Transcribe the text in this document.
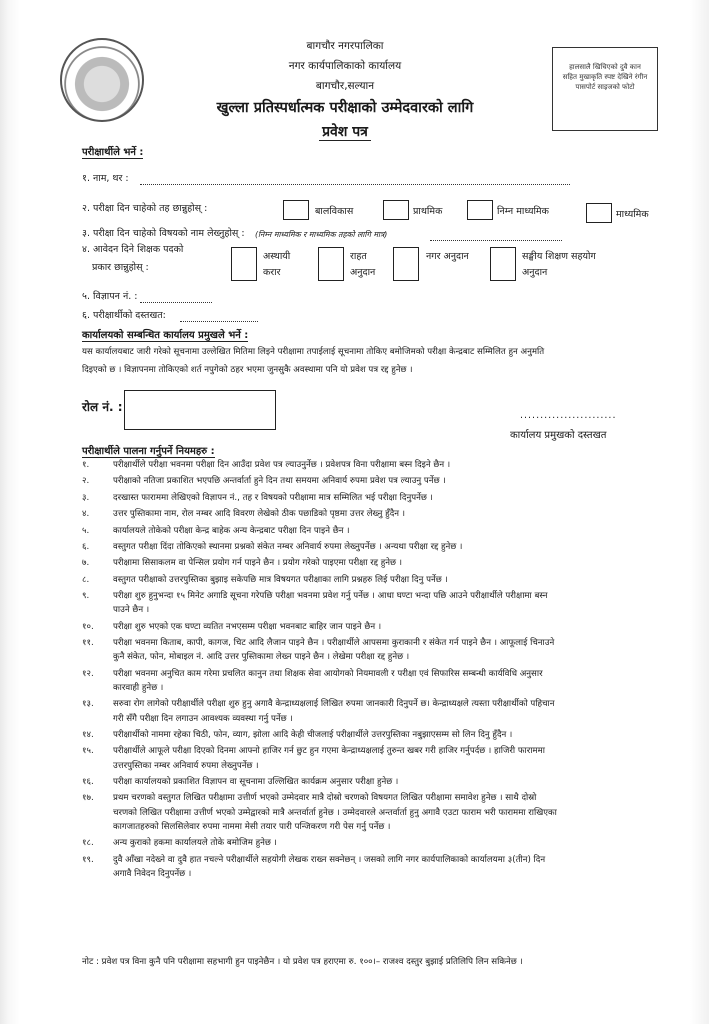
बागचौर नगरपालिका
नगर कार्यपालिकाको कार्यालय
बागचौर,सल्यान
खुल्ला प्रतिस्पर्धात्मक परीक्षाको उम्मेदवारको लागि
प्रवेश पत्र
हालसालै खिचिएको दुवै कान सहित मुखाकृति स्पष्ट देखिने रंगीन पासपोर्ट साइजको फोटो
परीक्षार्थीले भर्ने :
१. नाम, थर :
२. परीक्षा दिन चाहेको तह छान्नुहोस् :	बालविकास	प्राथमिक	निम्न माध्यमिक	माध्यमिक
३. परीक्षा दिन चाहेको विषयको नाम लेख्नुहोस् : (निम्न माध्यमिक र माध्यमिक तहको लागि मात्र)
४. आवेदन दिने शिक्षक पदको
प्रकार छान्नुहोस् :
अस्थायी
करार
राहत
अनुदान
नगर अनुदान	सङ्घीय शिक्षण सहयोग
अनुदान
५. विज्ञापन नं. :
६. परीक्षार्थीको दस्तखत:
कार्यालयको सम्बन्धित कार्यालय प्रमुखले भर्ने :
यस कार्यालयबाट जारी गरेको सूचनामा उल्लेखित मितिमा लिइने परीक्षामा तपाईलाई सूचनामा तोकिए बमोजिमको परीक्षा केन्द्रबाट सम्मिलित हुन अनुमति
दिइएको छ । विज्ञापनमा तोकिएको शर्त नपुगेको ठहर भएमा जुनसुकै अवस्थामा पनि यो प्रवेश पत्र रद्द हुनेछ ।
रोल नं. :
........................
कार्यालय प्रमुखको दस्तखत
परीक्षार्थीले पालना गर्नुपर्ने नियमहरु :
१.	परीक्षार्थीले परीक्षा भवनमा परीक्षा दिन आउँदा प्रवेश पत्र ल्याउनुर्नेछ । प्रवेशपत्र विना परीक्षामा बस्न दिइने छैन ।
२.	परीक्षाको नतिजा प्रकाशित भएपछि अन्तर्वार्ता हुने दिन तथा समयमा अनिवार्य रुपमा प्रवेश पत्र ल्याउनु पर्नेछ ।
३.	दरखास्त फाराममा लेखिएको विज्ञापन नं., तह र विषयको परीक्षामा मात्र सम्मिलित भई परीक्षा दिनुपर्नेछ ।
४.	उत्तर पुस्तिकामा नाम, रोल नम्बर आदि विवरण लेखेको ठीक पछाडिको पृष्ठमा उत्तर लेख्नु हुँदैन ।
५.	कार्यालयले तोकेको परीक्षा केन्द्र बाहेक अन्य केन्द्रबाट परीक्षा दिन पाइने छैन ।
६.	वस्तुगत परीक्षा दिंदा तोकिएको स्थानमा प्रश्नको संकेत नम्बर अनिवार्य रुपमा लेख्नुपर्नेछ । अन्यथा परीक्षा रद्द हुनेछ ।
७.	परीक्षामा सिसाकलम वा पेन्सिल प्रयोग गर्न पाइने छैन । प्रयोग गरेको पाइएमा परीक्षा रद्द हुनेछ ।
८.	वस्तुगत परीक्षाको उत्तरपुस्तिका बुझाइ सकेपछि मात्र विषयगत परीक्षाका लागि प्रश्नहरु लिई परीक्षा दिनु पर्नेछ ।
९.	परीक्षा शुरु हुनुभन्दा १५ मिनेट अगाडि सूचना गरेपछि परीक्षा भवनमा प्रवेश गर्नु पर्नेछ । आधा घण्टा भन्दा पछि आउने परीक्षार्थीले परीक्षामा बस्न
पाउने छैन ।
१०. परीक्षा शुरु भएको एक घण्टा व्यतित नभएसम्म परीक्षा भवनबाट बाहिर जान पाइने छैन ।
११. परीक्षा भवनमा किताब, कापी, कागज, चिट आदि लैजान पाइने छैन । परीक्षार्थीले आपसमा कुराकानी र संकेत गर्न पाइने छैन । आफूलाई चिनाउने
कुनै संकेत, फोन, मोबाइल नं. आदि उत्तर पुस्तिकामा लेख्न पाइने छैन । लेखेमा परीक्षा रद्द हुनेछ ।
१२. परीक्षा भवनमा अनुचित काम गरेमा प्रचलित कानुन तथा शिक्षक सेवा आयोगको नियमावली र परीक्षा एवं सिफारिस सम्बन्धी कार्यविधि अनुसार
कारवाही हुनेछ ।
१३. सरुवा रोग लागेको परीक्षार्थीले परीक्षा शुरु हुनु अगावै केन्द्राध्यक्षलाई लिखित रुपमा जानकारी दिनुपर्ने छ। केन्द्राध्यक्षले त्यस्ता परीक्षार्थीको पहिचान
गरी सँगै परीक्षा दिन लगाउन आवश्यक व्यवस्था गर्नु पर्नेछ ।
१४. परीक्षार्थीको नाममा रहेका चिठी, फोन, व्याग, झोला आदि केही चीजलाई परीक्षार्थीले उत्तरपुस्तिका नबुझाएसम्म सो लिन दिनु हुँदैन ।
१५. परीक्षार्थीले आफूले परीक्षा दिएको दिनमा आफ्नो हाजिर गर्न छुट हुन गएमा केन्द्राध्यक्षलाई तुरुन्त खबर गरी हाजिर गर्नुपर्दछ । हाजिरी फाराममा
उत्तरपुस्तिका नम्बर अनिवार्य रुपमा लेख्नुपर्नेछ ।
१६. परीक्षा कार्यालयको प्रकाशित विज्ञापन वा सूचनामा उल्लिखित कार्यक्रम अनुसार परीक्षा हुनेछ ।
१७. प्रथम चरणको वस्तुगत लिखित परीक्षामा उत्तीर्ण भएको उम्मेदवार मात्रै दोस्रो चरणको विषयगत लिखित परीक्षामा समावेश हुनेछ । साथै दोस्रो
चरणको लिखित परीक्षामा उत्तीर्ण भएको उम्मेद्वारको मात्रै अन्तर्वार्ता हुनेछ । उम्मेदवारले अन्तर्वार्ता हुनु अगावै एउटा फाराम भरी फाराममा राखिएका
कागजातहरुको सिलसिलेवार रुपमा नाममा मेसी तयार पारी पन्जिकरण गरी पेस गर्नु पर्नेछ ।
१८. अन्य कुराको हकमा कार्यालयले तोके बमोजिम हुनेछ ।
१९. दुवै आँखा नदेख्ने वा दुवै हात नचल्ने परीक्षार्थीले सहयोगी लेखक राख्न सक्नेछन् । जसको लागि नगर कार्यपालिकाको कार्यालयमा ३(तीन) दिन
अगावै निवेदन दिनुपर्नेछ ।
नोट : प्रवेश पत्र विना कुनै पनि परीक्षामा सहभागी हुन पाइनेछैन । यो प्रवेश पत्र हराएमा रु. १००।– राजश्व दस्तुर बुझाई प्रतिलिपि लिन सकिनेछ ।
